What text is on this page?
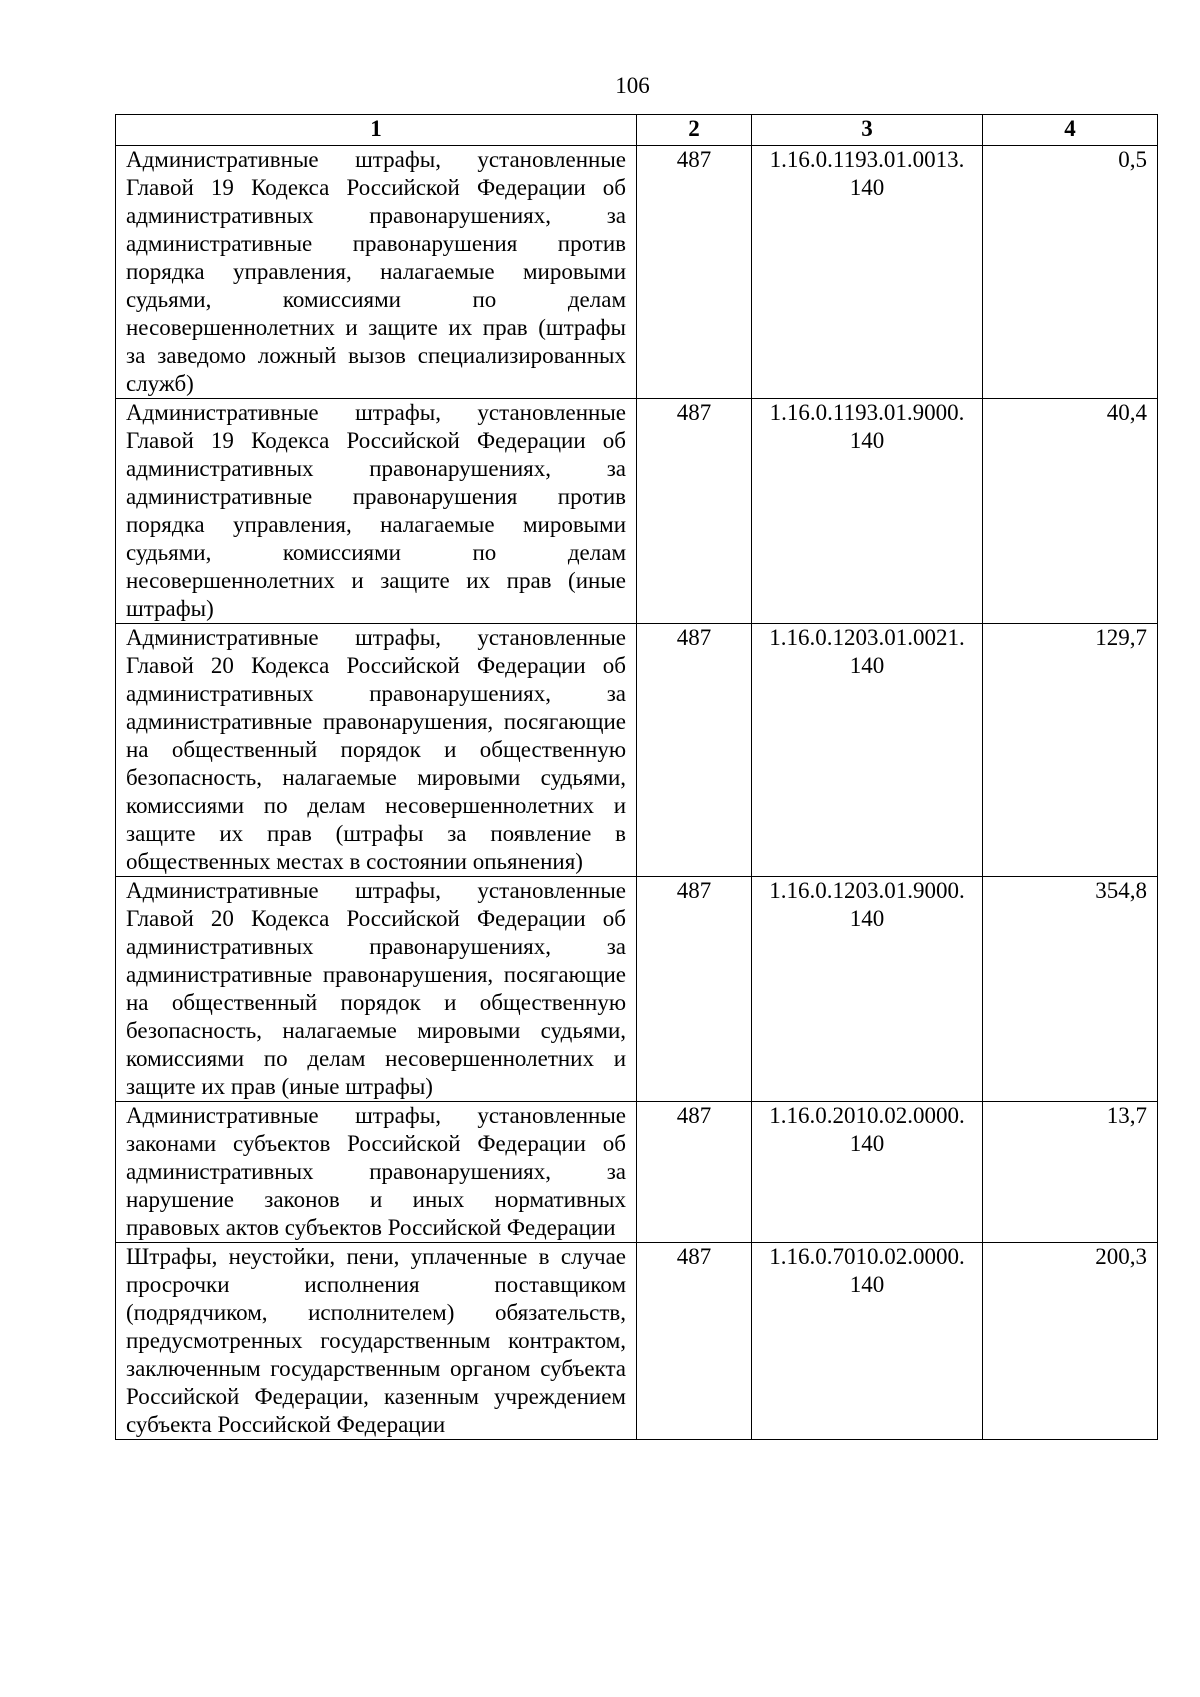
106
1	2	3	4
Административные штрафы, установленные Главой 19 Кодекса Российской Федерации об административных правонарушениях, за административные правонарушения против порядка управления, налагаемые мировыми судьями, комиссиями по делам несовершеннолетних и защите их прав (штрафы за заведомо ложный вызов специализированных служб)	487	1.16.0.1193.01.0013. 140	0,5
Административные штрафы, установленные Главой 19 Кодекса Российской Федерации об административных правонарушениях, за административные правонарушения против порядка управления, налагаемые мировыми судьями, комиссиями по делам несовершеннолетних и защите их прав (иные штрафы)	487	1.16.0.1193.01.9000. 140	40,4
Административные штрафы, установленные Главой 20 Кодекса Российской Федерации об административных правонарушениях, за административные правонарушения, посягающие на общественный порядок и общественную безопасность, налагаемые мировыми судьями, комиссиями по делам несовершеннолетних и защите их прав (штрафы за появление в общественных местах в состоянии опьянения)	487	1.16.0.1203.01.0021. 140	129,7
Административные штрафы, установленные Главой 20 Кодекса Российской Федерации об административных правонарушениях, за административные правонарушения, посягающие на общественный порядок и общественную безопасность, налагаемые мировыми судьями, комиссиями по делам несовершеннолетних и защите их прав (иные штрафы)	487	1.16.0.1203.01.9000. 140	354,8
Административные штрафы, установленные законами субъектов Российской Федерации об административных правонарушениях, за нарушение законов и иных нормативных правовых актов субъектов Российской Федерации	487	1.16.0.2010.02.0000. 140	13,7
Штрафы, неустойки, пени, уплаченные в случае просрочки исполнения поставщиком (подрядчиком, исполнителем) обязательств, предусмотренных государственным контрактом, заключенным государственным органом субъекта Российской Федерации, казенным учреждением субъекта Российской Федерации	487	1.16.0.7010.02.0000. 140	200,3
